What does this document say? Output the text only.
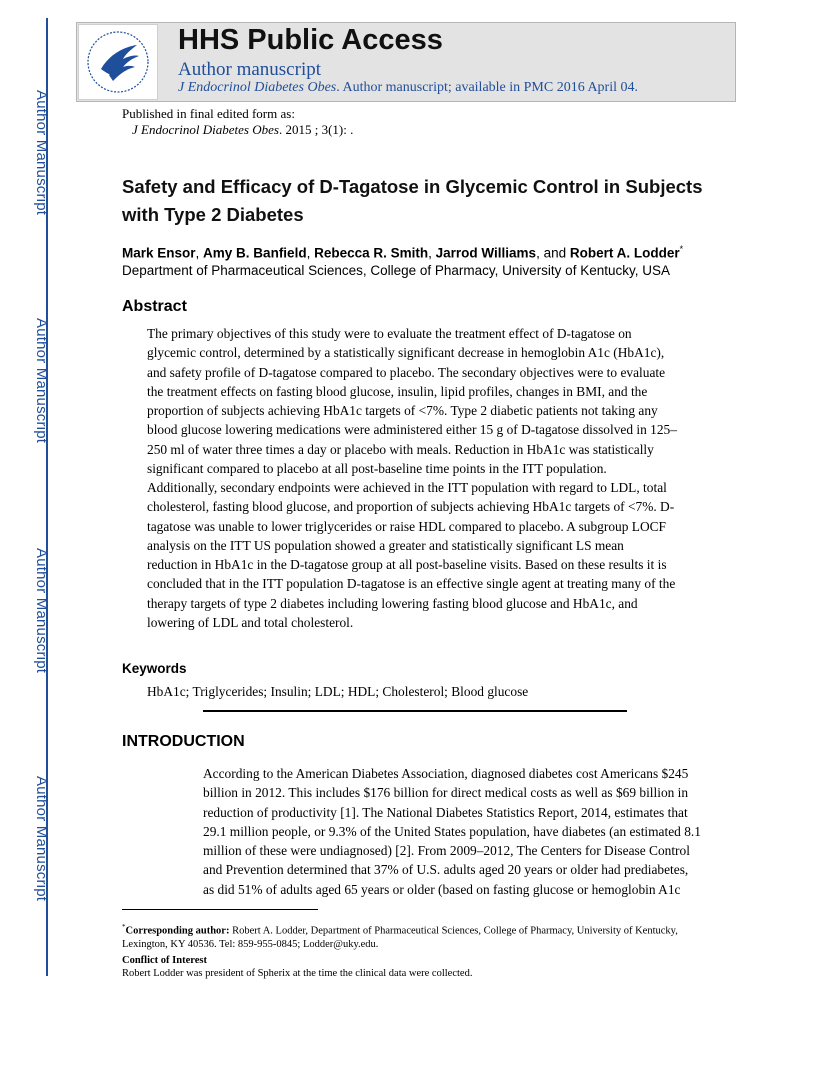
Author Manuscript
Author Manuscript
Author Manuscript
Author Manuscript
HHS Public Access
Author manuscript
J Endocrinol Diabetes Obes. Author manuscript; available in PMC 2016 April 04.
Published in final edited form as:
J Endocrinol Diabetes Obes. 2015 ; 3(1): .
Safety and Efficacy of D-Tagatose in Glycemic Control in Subjects with Type 2 Diabetes
Mark Ensor, Amy B. Banfield, Rebecca R. Smith, Jarrod Williams, and Robert A. Lodder*
Department of Pharmaceutical Sciences, College of Pharmacy, University of Kentucky, USA
Abstract
The primary objectives of this study were to evaluate the treatment effect of D-tagatose on
glycemic control, determined by a statistically significant decrease in hemoglobin A1c (HbA1c),
and safety profile of D-tagatose compared to placebo. The secondary objectives were to evaluate
the treatment effects on fasting blood glucose, insulin, lipid profiles, changes in BMI, and the
proportion of subjects achieving HbA1c targets of <7%. Type 2 diabetic patients not taking any
blood glucose lowering medications were administered either 15 g of D-tagatose dissolved in 125–
250 ml of water three times a day or placebo with meals. Reduction in HbA1c was statistically
significant compared to placebo at all post-baseline time points in the ITT population.
Additionally, secondary endpoints were achieved in the ITT population with regard to LDL, total
cholesterol, fasting blood glucose, and proportion of subjects achieving HbA1c targets of <7%. D-
tagatose was unable to lower triglycerides or raise HDL compared to placebo. A subgroup LOCF
analysis on the ITT US population showed a greater and statistically significant LS mean
reduction in HbA1c in the D-tagatose group at all post-baseline visits. Based on these results it is
concluded that in the ITT population D-tagatose is an effective single agent at treating many of the
therapy targets of type 2 diabetes including lowering fasting blood glucose and HbA1c, and
lowering of LDL and total cholesterol.
Keywords
HbA1c; Triglycerides; Insulin; LDL; HDL; Cholesterol; Blood glucose
INTRODUCTION
According to the American Diabetes Association, diagnosed diabetes cost Americans $245
billion in 2012. This includes $176 billion for direct medical costs as well as $69 billion in
reduction of productivity [1]. The National Diabetes Statistics Report, 2014, estimates that
29.1 million people, or 9.3% of the United States population, have diabetes (an estimated 8.1
million of these were undiagnosed) [2]. From 2009–2012, The Centers for Disease Control
and Prevention determined that 37% of U.S. adults aged 20 years or older had prediabetes,
as did 51% of adults aged 65 years or older (based on fasting glucose or hemoglobin A1c
*Corresponding author: Robert A. Lodder, Department of Pharmaceutical Sciences, College of Pharmacy, University of Kentucky,
Lexington, KY 40536. Tel: 859-955-0845; Lodder@uky.edu.
Conflict of Interest
Robert Lodder was president of Spherix at the time the clinical data were collected.
